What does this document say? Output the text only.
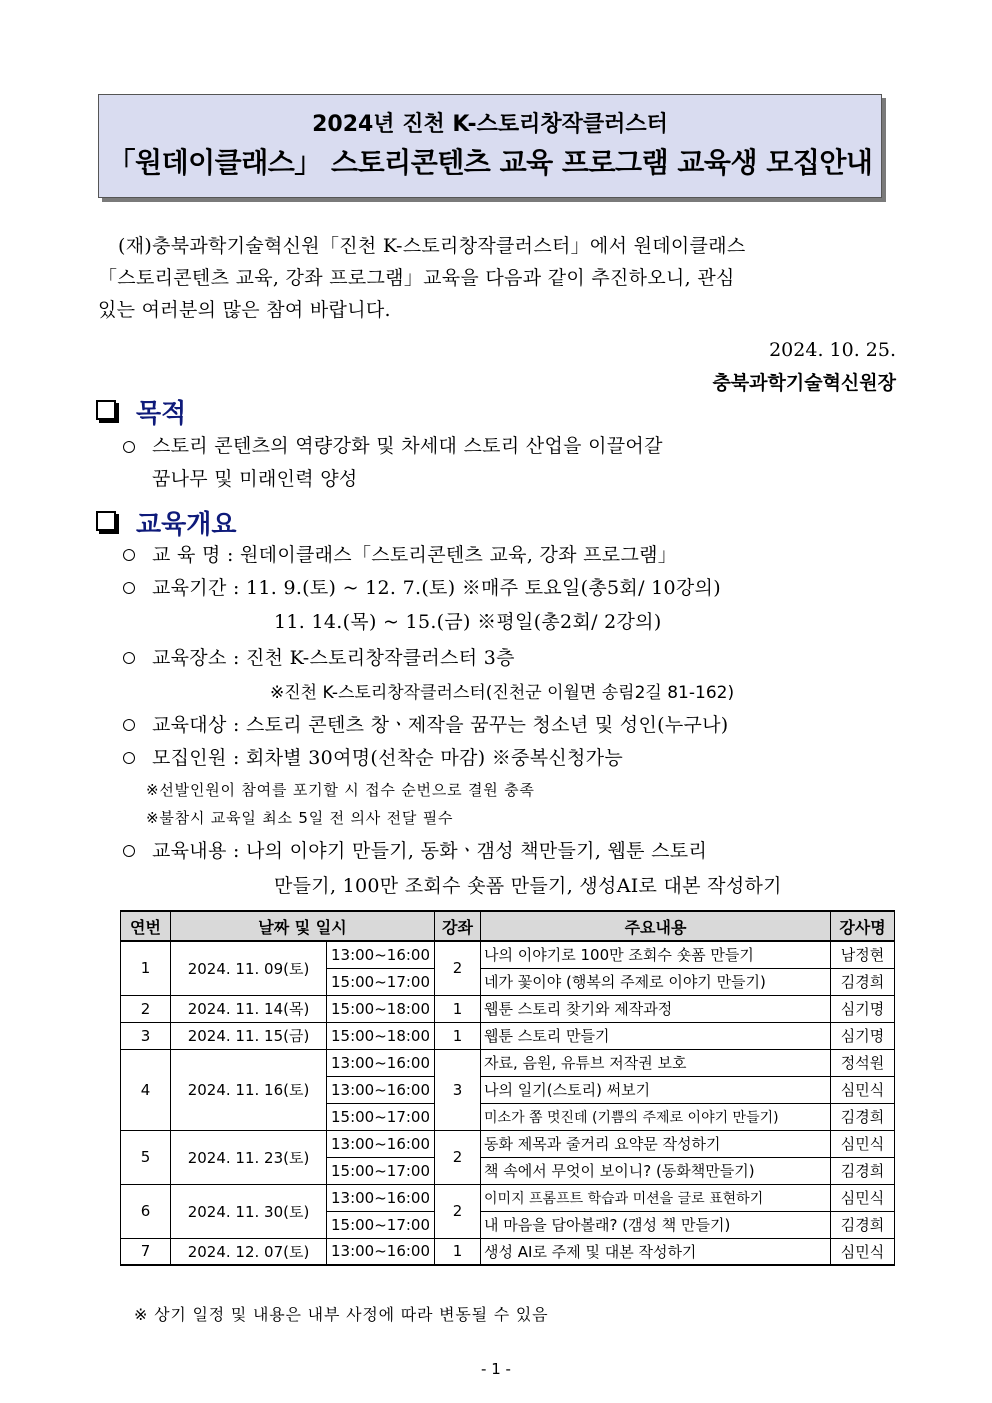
2024년 진천 K-스토리창작클러스터
「원데이클래스」 스토리콘텐츠 교육 프로그램 교육생 모집안내
(재)충북과학기술혁신원「진천 K-스토리창작클러스터」에서 원데이클래스
「스토리콘텐츠 교육, 강좌 프로그램」교육을 다음과 같이 추진하오니, 관심
있는 여러분의 많은 참여 바랍니다.
2024. 10. 25.
충북과학기술혁신원장
목적
스토리 콘텐츠의 역량강화 및 차세대 스토리 산업을 이끌어갈
꿈나무 및 미래인력 양성
교육개요
교 육 명 : 원데이클래스「스토리콘텐츠 교육, 강좌 프로그램」
교육기간 : 11. 9.(토) ~ 12. 7.(토) ※매주 토요일(총5회/ 10강의)
11. 14.(목) ~ 15.(금) ※평일(총2회/ 2강의)
교육장소 : 진천 K-스토리창작클러스터 3층
※진천 K-스토리창작클러스터(진천군 이월면 송림2길 81-162)
교육대상 : 스토리 콘텐츠 창ㆍ제작을 꿈꾸는 청소년 및 성인(누구나)
모집인원 : 회차별 30여명(선착순 마감) ※중복신청가능
※선발인원이 참여를 포기할 시 접수 순번으로 결원 충족
※불참시 교육일 최소 5일 전 의사 전달 필수
교육내용 : 나의 이야기 만들기, 동화ㆍ갬성 책만들기, 웹툰 스토리
만들기, 100만 조회수 숏폼 만들기, 생성AI로 대본 작성하기
연번	날짜 및 일시		강좌	주요내용	강사명
1	2024. 11. 09(토)	13:00~16:00	2	나의 이야기로 100만 조회수 숏폼 만들기	남정현
		15:00~17:00		네가 꽃이야 (행복의 주제로 이야기 만들기)	김경희
2	2024. 11. 14(목)	15:00~18:00	1	웹툰 스토리 찾기와 제작과정	심기명
3	2024. 11. 15(금)	15:00~18:00	1	웹툰 스토리 만들기	심기명
4	2024. 11. 16(토)	13:00~16:00	3	자료, 음원, 유튜브 저작권 보호	정석원
		13:00~16:00		나의 일기(스토리) 써보기	심민식
		15:00~17:00		미소가 쫌 멋진데 (기쁨의 주제로 이야기 만들기)	김경희
5	2024. 11. 23(토)	13:00~16:00	2	동화 제목과 줄거리 요약문 작성하기	심민식
		15:00~17:00		책 속에서 무엇이 보이니? (동화책만들기)	김경희
6	2024. 11. 30(토)	13:00~16:00	2	이미지 프롬프트 학습과 미션을 글로 표현하기	심민식
		15:00~17:00		내 마음을 담아볼래? (갬성 책 만들기)	김경희
7	2024. 12. 07(토)	13:00~16:00	1	생성 AI로 주제 및 대본 작성하기	심민식
※ 상기 일정 및 내용은 내부 사정에 따라 변동될 수 있음
- 1 -
